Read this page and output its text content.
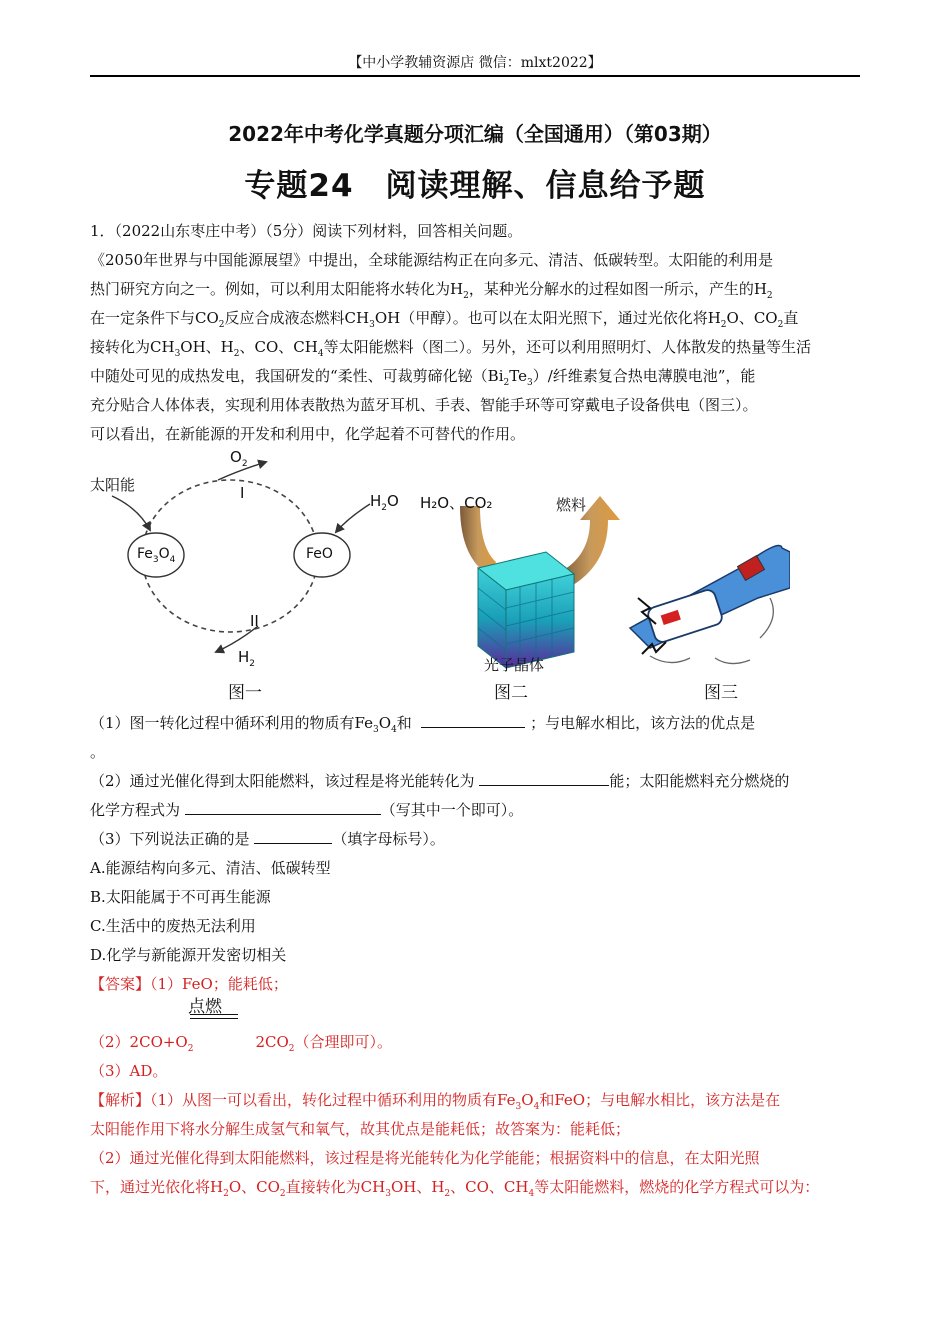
【中小学教辅资源店 微信：mlxt2022】
2022年中考化学真题分项汇编（全国通用）（第03期）
专题24　阅读理解、信息给予题
1．（2022山东枣庄中考）（5分）阅读下列材料，回答相关问题。
《2050年世界与中国能源展望》中提出，全球能源结构正在向多元、清洁、低碳转型。太阳能的利用是
热门研究方向之一。例如，可以利用太阳能将水转化为$H_2$，某种光分解水的过程如图一所示，产生的$H_2$
在一定条件下与$CO_2$反应合成液态燃料$CH_3OH$（甲醇）。也可以在太阳光照下，通过光依化将$H_2O$、$CO_2$直
接转化为$CH_3OH$、$H_2$、CO、$CH_4$等太阳能燃料（图二）。另外，还可以利用照明灯、人体散发的热量等生活
中随处可见的成热发电，我国研发的“柔性、可裁剪碲化铋$(Bi_2Te_3)/$纤维素复合热电薄膜电池”，能
充分贴合人体体表，实现利用体表散热为蓝牙耳机、手表、智能手环等可穿戴电子设备供电（图三）。
可以看出，在新能源的开发和利用中，化学起着不可替代的作用。
太阳能
$O_2$
I	$H_2O$
$Fe_3O_4$	FeO
II
$H_2$
H₂O、CO₂	燃料
光子晶体
图一	图二	图三
（1）图一转化过程中循环利用的物质有$Fe_3O_4$和	；与电解水相比，该方法的优点是
。
（2）通过光催化得到太阳能燃料，该过程是将光能转化为	能；太阳能燃料充分燃烧的
化学方程式为	（写其中一个即可）。
（3）下列说法正确的是	（填字母标号）。
A.能源结构向多元、清洁、低碳转型
B.太阳能属于不可再生能源
C.生活中的废热无法利用
D.化学与新能源开发密切相关
【答案】（1）FeO；能耗低；
点燃
$(2)2CO+O_2$	$2CO_2$（合理即可）。
（3）AD。
【解析】（1）从图一可以看出，转化过程中循环利用的物质有$Fe_3O_4$和FeO；与电解水相比，该方法是在
太阳能作用下将水分解生成氢气和氧气，故其优点是能耗低；故答案为：能耗低；
（2）通过光催化得到太阳能燃料，该过程是将光能转化为化学能能；根据资料中的信息，在太阳光照
下，通过光依化将$H_2O$、$CO_2$直接转化为$CH_3OH$、$H_2$、CO、$CH_4$等太阳能燃料，燃烧的化学方程式可以为：
